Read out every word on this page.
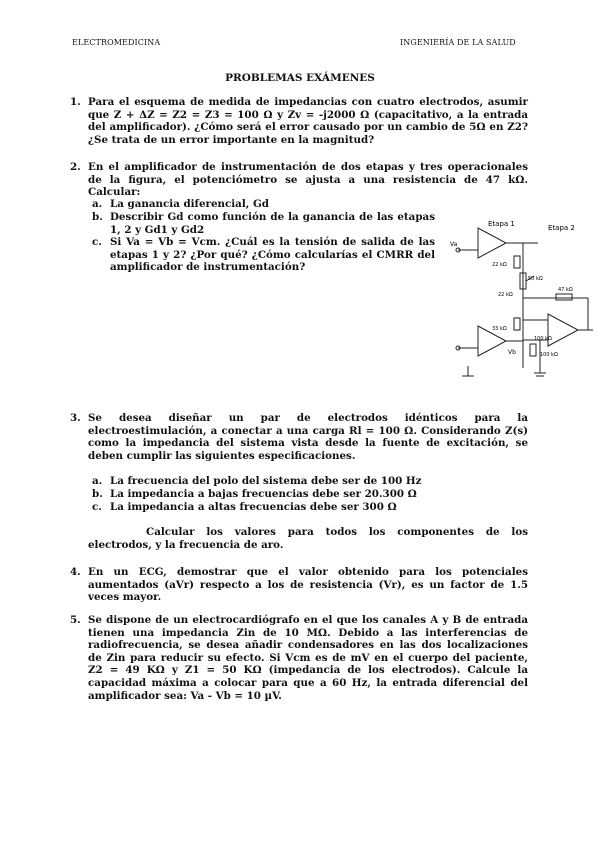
ELECTROMEDICINA	INGENIERÍA DE LA SALUD
PROBLEMAS EXÁMENES
1. Para el esquema de medida de impedancias con cuatro electrodos, asumir que Z + ΔZ = Z2 = Z3 = 100 Ω y Zv = -j2000 Ω (capacitativo, a la entrada del amplificador). ¿Cómo será el error causado por un cambio de 5Ω en Z2? ¿Se trata de un error importante en la magnitud?
2. En el amplificador de instrumentación de dos etapas y tres operacionales de la figura, el potenciómetro se ajusta a una resistencia de 47 kΩ. Calcular:
a. La ganancia diferencial, Gd
b. Describir Gd como función de la ganancia de las etapas 1, 2 y Gd1 y Gd2
c. Si Va = Vb = Vcm. ¿Cuál es la tensión de salida de las etapas 1 y 2? ¿Por qué? ¿Cómo calcularías el CMRR del amplificador de instrumentación?
Etapa 1	Etapa 2
22 kΩ
50 kΩ
22 kΩ
47 kΩ
33 kΩ
100 kΩ
100 kΩ
Va
Vb
3. Se desea diseñar un par de electrodos idénticos para la electroestimulación, a conectar a una carga Rl = 100 Ω. Considerando Z(s) como la impedancia del sistema vista desde la fuente de excitación, se deben cumplir las siguientes especificaciones.
a. La frecuencia del polo del sistema debe ser de 100 Hz
b. La impedancia a bajas frecuencias debe ser 20.300 Ω
c. La impedancia a altas frecuencias debe ser 300 Ω
Calcular los valores para todos los componentes de los electrodos, y la frecuencia de aro.
4. En un ECG, demostrar que el valor obtenido para los potenciales aumentados (aVr) respecto a los de resistencia (Vr), es un factor de 1.5 veces mayor.
5. Se dispone de un electrocardiógrafo en el que los canales A y B de entrada tienen una impedancia Zin de 10 MΩ. Debido a las interferencias de radiofrecuencia, se desea añadir condensadores en las dos localizaciones de Zin para reducir su efecto. Si Vcm es de mV en el cuerpo del paciente, Z2 = 49 KΩ y Z1 = 50 KΩ (impedancia de los electrodos). Calcule la capacidad máxima a colocar para que a 60 Hz, la entrada diferencial del amplificador sea: Va - Vb = 10 µV.
